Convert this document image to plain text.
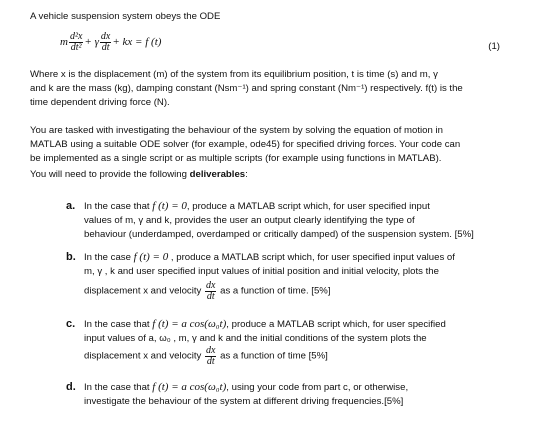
A vehicle suspension system obeys the ODE

m $\frac{\text{d²x}}{\text{dt²}} + \gamma \frac{dx}{dt}$ + kx = f (t)	(1)

Where x is the displacement (m) of the system from its equilibrium position, t is time (s) and m, γ
and k are the mass (kg), damping constant (Nsm⁻¹) and spring constant (Nm⁻¹) respectively. f(t) is the
time dependent driving force (N).

You are tasked with investigating the behaviour of the system by solving the equation of motion in
MATLAB using a suitable ODE solver (for example, ode45) for specified driving forces. Your code can
be implemented as a single script or as multiple scripts (for example using functions in MATLAB).

You will need to provide the following deliverables:

a. In the case that f (t) = 0, produce a MATLAB script which, for user specified input
values of m, γ and k, provides the user an output clearly identifying the type of
behaviour (underdamped, overdamped or critically damped) of the suspension system. [5%]
b. In the case f (t) = 0 , produce a MATLAB script which, for user specified input values of
m, γ , k and user specified input values of initial position and initial velocity, plots the
displacement x and velocity $\frac{dx}{dt}$ as a function of time. [5%]
c. In the case that f (t) = a cos(ω₀t), produce a MATLAB script which, for user specified
input values of a, ω₀ , m, γ and k and the initial conditions of the system plots the
displacement x and velocity $\frac{dx}{dt}$ as a function of time [5%]
d. In the case that f (t) = a cos(ω₀t), using your code from part c, or otherwise,
investigate the behaviour of the system at different driving frequencies.[5%]
